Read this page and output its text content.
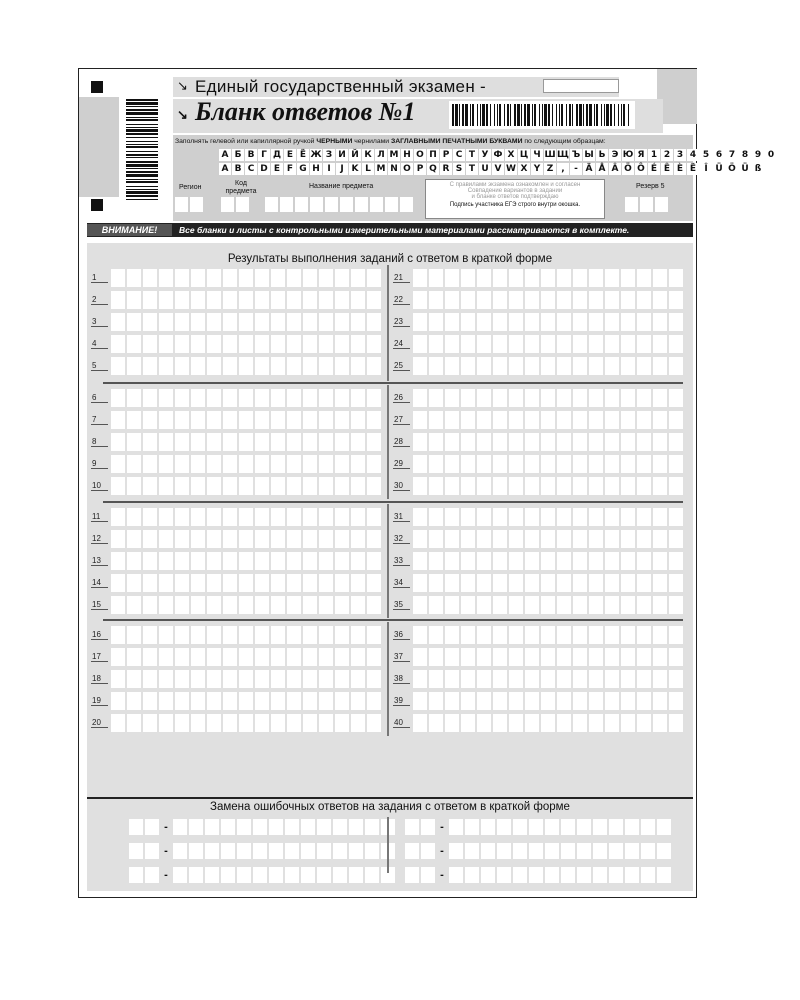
↘ Единый государственный экзамен -
↘ Бланк ответов №1
Заполнять гелевой или капиллярной ручкой ЧЕРНЫМИ чернилами ЗАГЛАВНЫМИ ПЕЧАТНЫМИ БУКВАМИ по следующим образцам:
А Б В Г Д Е Ё Ж З И Й К Л М Н О П Р С Т У Ф Х Ц Ч Ш Щ Ъ Ы Ь Э Ю Я 1 2 3 4 5 6 7 8 9 0
A B C D E F G H I	J K L M N O P Q R S T U V W X Y Z ,	- Ä Å Â Ö Ô É Ê È Ë Î Ü Ö Ü ß
Регион
Код предмета
Название предмета	С правилами экзамена ознакомлен и согласен
Совпадение вариантов в задании
и бланке ответов подтверждаю
Подпись участника ЕГЭ строго внутри окошка.
Резерв 5
ВНИМАНИЕ!	Все бланки и листы с контрольными измерительными материалами рассматриваются в комплекте.
Результаты выполнения заданий с ответом в краткой форме
1
2
3
4
5
6
7
8
9
10
11
12
13
14
15
16
17
18
19
20
21
22
23
24
25
26
27
28
29
30
31
32
33
34
35
36
37
38
39
40
Замена ошибочных ответов на задания с ответом в краткой форме
-
-
-
-
-
-
